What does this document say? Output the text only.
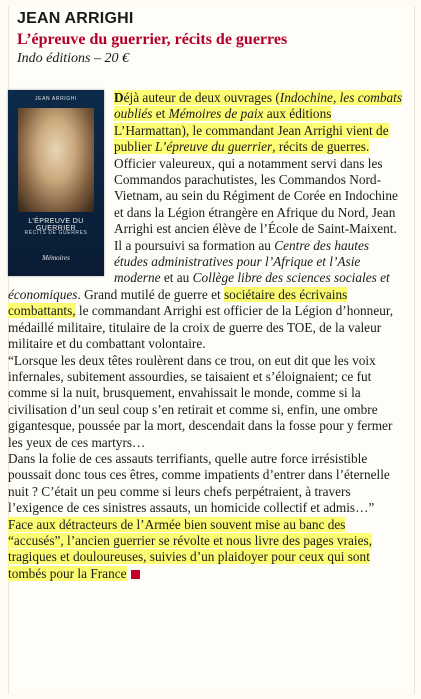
JEAN ARRIGHI
L’épreuve du guerrier, récits de guerres
Indo éditions – 20 €
JEAN ARRIGHI
L’ÉPREUVE DU GUERRIER
RÉCITS DE GUERRES
Mémoires

Déjà auteur de deux ouvrages (Indochine, les combats oubliés et Mémoires de paix aux éditions L’Harmattan), le commandant Jean Arrighi vient de publier L’épreuve du guerrier, récits de guerres. Officier valeureux, qui a notamment servi dans les Commandos parachutistes, les Commandos Nord-Vietnam, au sein du Régiment de Corée en Indochine et dans la Légion étrangère en Afrique du Nord, Jean Arrighi est ancien élève de l’École de Saint-Maixent. Il a poursuivi sa formation au Centre des hautes études administratives pour l’Afrique et l’Asie moderne et au Collège libre des sciences sociales et économiques. Grand mutilé de guerre et sociétaire des écrivains combattants, le commandant Arrighi est officier de la Légion d’honneur, médaillé militaire, titulaire de la croix de guerre des TOE, de la valeur militaire et du combattant volontaire.

“Lorsque les deux têtes roulèrent dans ce trou, on eut dit que les voix infernales, subitement assourdies, se taisaient et s’éloignaient; ce fut comme si la nuit, brusquement, envahissait le monde, comme si la civilisation d’un seul coup s’en retirait et comme si, enfin, une ombre gigantesque, poussée par la mort, descendait dans la fosse pour y fermer les yeux de ces martyrs…

Dans la folie de ces assauts terrifiants, quelle autre force irrésistible poussait donc tous ces êtres, comme impatients d’entrer dans l’éternelle nuit ? C’était un peu comme si leurs chefs perpétraient, à travers l’exigence de ces sinistres assauts, un homicide collectif et admis…”

Face aux détracteurs de l’Armée bien souvent mise au banc des “accusés”, l’ancien guerrier se révolte et nous livre des pages vraies, tragiques et douloureuses, suivies d’un plaidoyer pour ceux qui sont tombés pour la France
